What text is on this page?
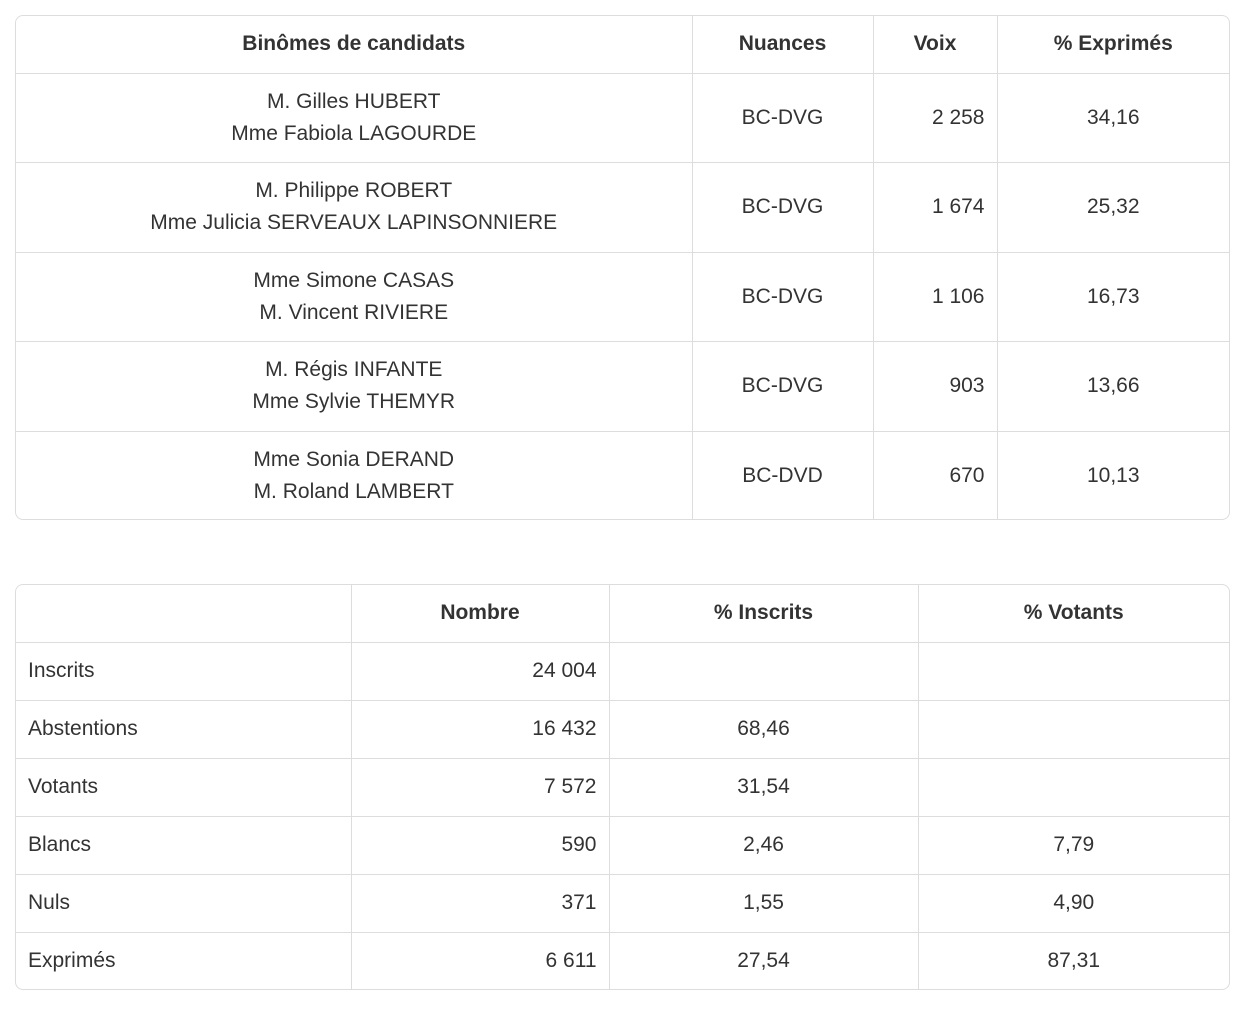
Binômes de candidats	Nuances	Voix	% Exprimés

M. Gilles HUBERT
Mme Fabiola LAGOURDE	BC-DVG	2 258	34,16

M. Philippe ROBERT
Mme Julicia SERVEAUX LAPINSONNIERE	BC-DVG	1 674	25,32

Mme Simone CASAS
M. Vincent RIVIERE	BC-DVG	1 106	16,73

M. Régis INFANTE
Mme Sylvie THEMYR	BC-DVG	903	13,66

Mme Sonia DERAND
M. Roland LAMBERT	BC-DVD	670	10,13
	Nombre	% Inscrits	% Votants
Inscrits	24 004		
Abstentions	16 432	68,46	
Votants	7 572	31,54	
Blancs	590	2,46	7,79
Nuls	371	1,55	4,90
Exprimés	6 611	27,54	87,31
